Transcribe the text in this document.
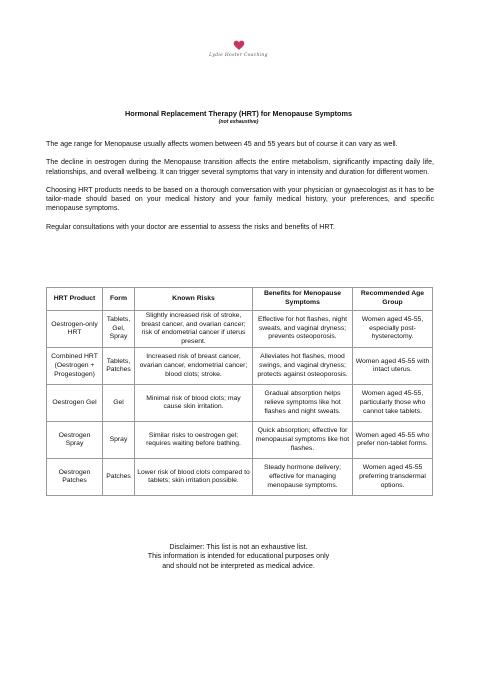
Lydie Hoster Coaching
Hormonal Replacement Therapy (HRT) for Menopause Symptoms
(not exhaustive)

The age range for Menopause usually affects women between 45 and 55 years but of course it can vary as well.

The decline in oestrogen during the Menopause transition affects the entire metabolism, significantly impacting daily life, relationships, and overall wellbeing. It can trigger several symptoms that vary in intensity and duration for different women.

Choosing HRT products needs to be based on a thorough conversation with your physician or gynaecologist as it has to be tailor-made should based on your medical history and your family medical history, your preferences, and specific menopause symptoms.

Regular consultations with your doctor are essential to assess the risks and benefits of HRT.

HRT Product	Form	Known Risks	Benefits for Menopause Symptoms	Recommended Age Group
Oestrogen-only HRT	Tablets, Gel, Spray	Slightly increased risk of stroke, breast cancer, and ovarian cancer; risk of endometrial cancer if uterus present.	Effective for hot flashes, night sweats, and vaginal dryness; prevents osteoporosis.	Women aged 45-55, especially post-hysterectomy.
Combined HRT (Oestrogen + Progestogen)	Tablets, Patches	Increased risk of breast cancer, ovarian cancer, endometrial cancer; blood clots; stroke.	Alleviates hot flashes, mood swings, and vaginal dryness; protects against osteoporosis.	Women aged 45-55 with intact uterus.
Oestrogen Gel	Gel	Minimal risk of blood clots; may cause skin irritation.	Gradual absorption helps relieve symptoms like hot flashes and night sweats.	Women aged 45-55, particularly those who cannot take tablets.
Oestrogen Spray	Spray	Similar risks to oestrogen gel; requires waiting before bathing.	Quick absorption; effective for menopausal symptoms like hot flashes.	Women aged 45-55 who prefer non-tablet forms.
Oestrogen Patches	Patches	Lower risk of blood clots compared to tablets; skin irritation possible.	Steady hormone delivery; effective for managing menopause symptoms.	Women aged 45-55 preferring transdermal options.
Disclaimer: This list is not an exhaustive list.
This information is intended for educational purposes only
and should not be interpreted as medical advice.
